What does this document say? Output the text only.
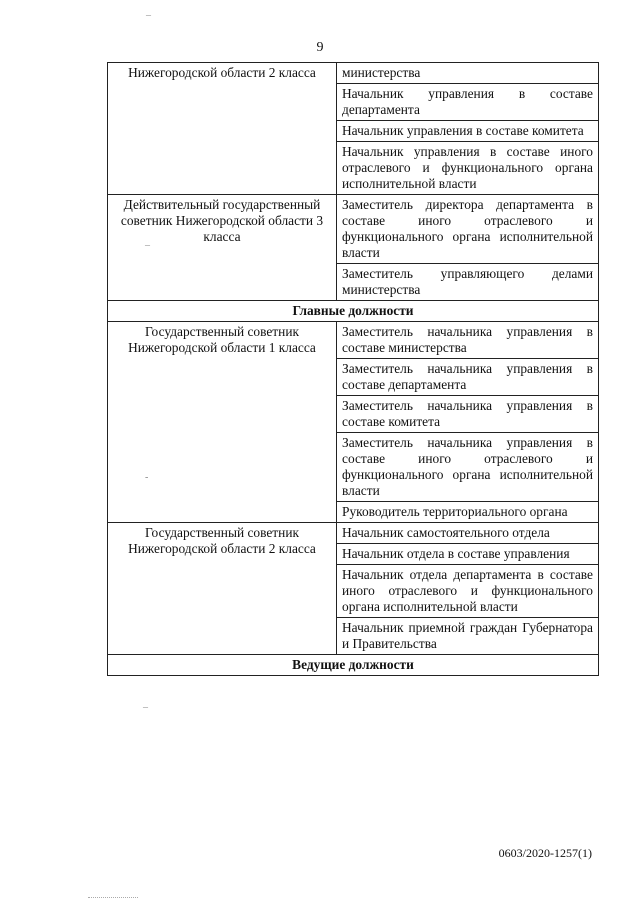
–
–
-
–
9
Нижегородской области 2 класса	министерства
	Начальник управления в составе департамента
	Начальник управления в составе комитета
	Начальник управления в составе иного отраслевого и функционального органа исполнительной власти
Действительный государственный советник Нижегородской области 3 класса	Заместитель директора департамента в составе иного отраслевого и функционального органа исполнительной власти
	Заместитель управляющего делами министерства
Главные должности	
Государственный советник Нижегородской области 1 класса	Заместитель начальника управления в составе министерства
	Заместитель начальника управления в составе департамента
	Заместитель начальника управления в составе комитета
	Заместитель начальника управления в составе иного отраслевого и функционального органа исполнительной власти
	Руководитель территориального органа
Государственный советник Нижегородской области 2 класса	Начальник самостоятельного отдела
	Начальник отдела в составе управления
	Начальник отдела департамента в составе иного отраслевого и функционального органа исполнительной власти
	Начальник приемной граждан Губернатора и Правительства
Ведущие должности	
0603/2020-1257(1)
